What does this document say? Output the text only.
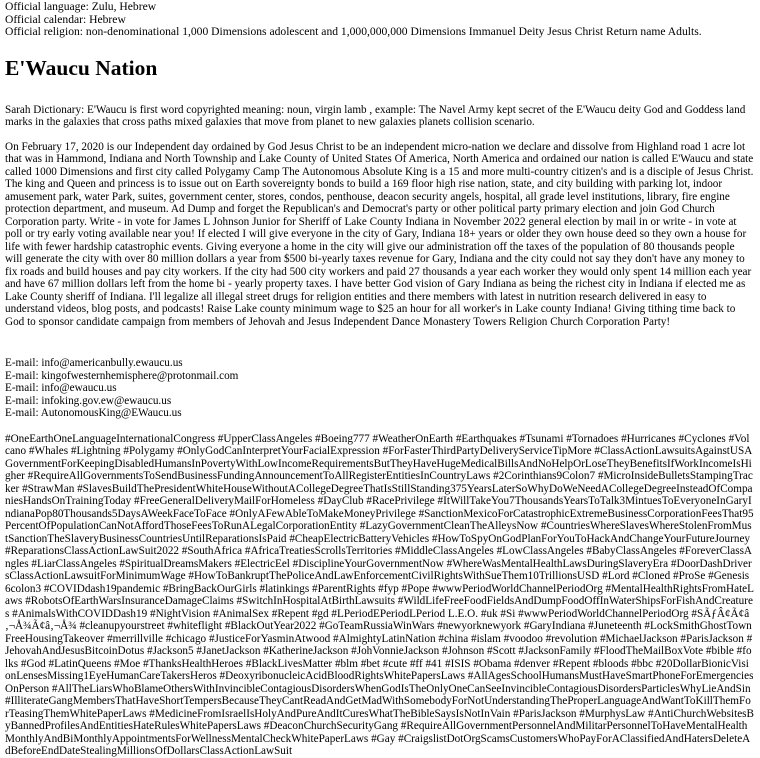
Official language: Zulu, Hebrew
Official calendar: Hebrew
Official religion: non-denominational 1,000 Dimensions adolescent and 1,000,000,000 Dimensions Immanuel Deity Jesus Christ Return name Adults.
E'Waucu Nation

Sarah Dictionary: E'Waucu is first word copyrighted meaning: noun, virgin lamb , example: The Navel Army kept secret of the E'Waucu deity God and Goddess land marks in the galaxies that cross paths mixed galaxies that move from planet to new galaxies planets collision scenario.

On February 17, 2020 is our Independent day ordained by God Jesus Christ to be an independent micro-nation we declare and dissolve from Highland road 1 acre lot that was in Hammond, Indiana and North Township and Lake County of United States Of America, North America and ordained our nation is called E'Waucu and state called 1000 Dimensions and first city called Polygamy Camp The Autonomous Absolute King is a 15 and more multi-country citizen's and is a disciple of Jesus Christ. The king and Queen and princess is to issue out on Earth sovereignty bonds to build a 169 floor high rise nation, state, and city building with parking lot, indoor amusement park, water Park, suites, government center, stores, condos, penthouse, deacon security angels, hospital, all grade level institutions, library, fire engine protection department, and museum. Ad Dump and forget the Republican's and Democrat's party or other political party primary election and join God Church Corporation party. Write - in vote for James L Johnson Junior for Sheriff of Lake County Indiana in November 2022 general election by mail in or write - in vote at poll or try early voting available near you! If elected I will give everyone in the city of Gary, Indiana 18+ years or older they own house deed so they own a house for life with fewer hardship catastrophic events. Giving everyone a home in the city will give our administration off the taxes of the population of 80 thousands people will generate the city with over 80 million dollars a year from $500 bi-yearly taxes revenue for Gary, Indiana and the city could not say they don't have any money to fix roads and build houses and pay city workers. If the city had 500 city workers and paid 27 thousands a year each worker they would only spent 14 million each year and have 67 million dollars left from the home bi - yearly property taxes. I have better God vision of Gary Indiana as being the richest city in Indiana if elected me as Lake County sheriff of Indiana. I'll legalize all illegal street drugs for religion entities and there members with latest in nutrition research delivered in easy to understand videos, blog posts, and podcasts! Raise Lake county minimum wage to $25 an hour for all worker's in Lake county Indiana! Giving tithing time back to God to sponsor candidate campaign from members of Jehovah and Jesus Independent Dance Monastery Towers Religion Church Corporation Party!

E-mail: info@americanbully.ewaucu.us
E-mail: kingofwesternhemisphere@protonmail.com
E-mail: info@ewaucu.us
E-mail: infoking.gov.ew@ewaucu.us
E-mail: AutonomousKing@EWaucu.us
#OneEarthOneLanguageInternationalCongress #UpperClassAngeles #Boeing777 #WeatherOnEarth #Earthquakes #Tsunami #Tornadoes #Hurricanes #Cyclones #Volcano #Whales #Lightning #Polygamy #OnlyGodCanInterpretYourFacialExpression #ForFasterThirdPartyDeliveryServiceTipMore #ClassActionLawsuitsAgainstUSAGovernmentForKeepingDisabledHumansInPovertyWithLowIncomeRequirementsButTheyHaveHugeMedicalBillsAndNoHelpOrLoseTheyBenefitsIfWorkIncomeIsHigher #RequireAllGovernmentsToSendBusinessFundingAnnouncementToAllRegisterEntitiesInCountryLaws #2Corinthians9Colon7 #MicroInsideBulletsStampingTracker #StrawMan #SlavesBuildThePresidentWhiteHouseWithoutACollegeDegreeThatIsStillStanding375YearsLaterSoWhyDoWeNeedACollegeDegreeInsteadOfCompaniesHandsOnTrainingToday #FreeGeneralDeliveryMailForHomeless #DayClub #RacePrivilege #ItWillTakeYou7ThousandsYearsToTalk3MintuesToEveryoneInGaryIndianaPop80Thousands5DaysAWeekFaceToFace #OnlyAFewAbleToMakeMoneyPrivilege #SanctionMexicoForCatastrophicExtremeBusinessCorporationFeesThat95PercentOfPopulationCanNotAffordThoseFeesToRunALegalCorporationEntity #LazyGovernmentCleanTheAlleysNow #CountriesWhereSlavesWhereStolenFromMustSanctionTheSlaveryBusinessCountriesUntilReparationsIsPaid #CheapElectricBatteryVehicles #HowToSpyOnGodPlanForYouToHackAndChangeYourFutureJourney #ReparationsClassActionLawSuit2022 #SouthAfrica #AfricaTreatiesScrollsTerritories #MiddleClassAngeles #LowClassAngeles #BabyClassAngeles #ForeverClassAngles #LiarClassAngeles #SpiritualDreamsMakers #ElectricEel #DisciplineYourGovernmentNow #WhereWasMentalHealthLawsDuringSlaveryEra #DoorDashDriversClassActionLawsuitForMinimumWage #HowToBankruptThePoliceAndLawEnforcementCivilRightsWithSueThem10TrillionsUSD #Lord #Cloned #ProSe #Genesis6colon3 #COVIDdash19pandemic #BringBackOurGirls #latinkings #ParentRights #fyp #Pope #wwwPeriodWorldChannelPeriodOrg #MentalHealthRightsFromHateLaws #RobotsOfEarthWarsInsuranceDamageClaims #SwitchInHospitalAtBirthLawsuits #WildLifeFreeFoodFieldsAndDumpFoodOffInWaterShipsForFishAndCreatures #AnimalsWithCOVIDDash19 #NightVision #AnimalSex #Repent #gd #LPeriodEPeriodLPeriod L.E.O. #uk #Si #wwwPeriodWorldChannelPeriodOrg #SÃƒÂ¢Ã¢â‚¬Å¾Ã¢â‚¬Å¾ #cleanupyourstreet #whiteflight #BlackOutYear2022 #GoTeamRussiaWinWars #newyorknewyork #GaryIndiana #Juneteenth #LockSmithGhostTownFreeHousingTakeover #merrillville #chicago #JusticeForYasminAtwood #AlmightyLatinNation #china #islam #voodoo #revolution #MichaelJackson #ParisJackson #JehovahAndJesusBitcoinDotus #Jackson5 #JanetJackson #KatherineJackson #JohVonnieJackson #Johnson #Scott #JacksonFamily #FloodTheMailBoxVote #bible #folks #God #LatinQueens #Moe #ThanksHealthHeroes #BlackLivesMatter #blm #bet #cute #ff #41 #ISIS #Obama #denver #Repent #bloods #bbc #20DollarBionicVisionLensesMissing1EyeHumanCareTakersHeros #DeoxyribonucleicAcidBloodRightsWhitePapersLaws #AllAgesSchoolHumansMustHaveSmartPhoneForEmergenciesOnPerson #AllTheLiarsWhoBlameOthersWithInvincibleContagiousDisordersWhenGodIsTheOnlyOneCanSeeInvincibleContagiousDisordersParticlesWhyLieAndSin #IlliterateGangMembersThatHaveShortTempersBecauseTheyCantReadAndGetMadWithSomebodyForNotUnderstandingTheProperLanguageAndWantToKillThemForTeasingThemWhitePaperLaws #MedicineFromIsraelIsHolyAndPureAndItCuresWhatTheBibleSaysIsNotInVain #ParisJackson #MurphysLaw #AntiChurchWebsitesByBannedProfilesAndEntitiesHateRulesWhitePapersLaws #DeaconChurchSecurityGang #RequireAllGovernmentPersonnelAndMilitarPersonnelToHaveMentalHealthMonthlyAndBiMonthlyAppointmentsForWellnessMentalCheckWhitePaperLaws #Gay #CraigslistDotOrgScamsCustomersWhoPayForAClassifiedAndHatersDeleteAdBeforeEndDateStealingMillionsOfDollarsClassActionLawSuit
